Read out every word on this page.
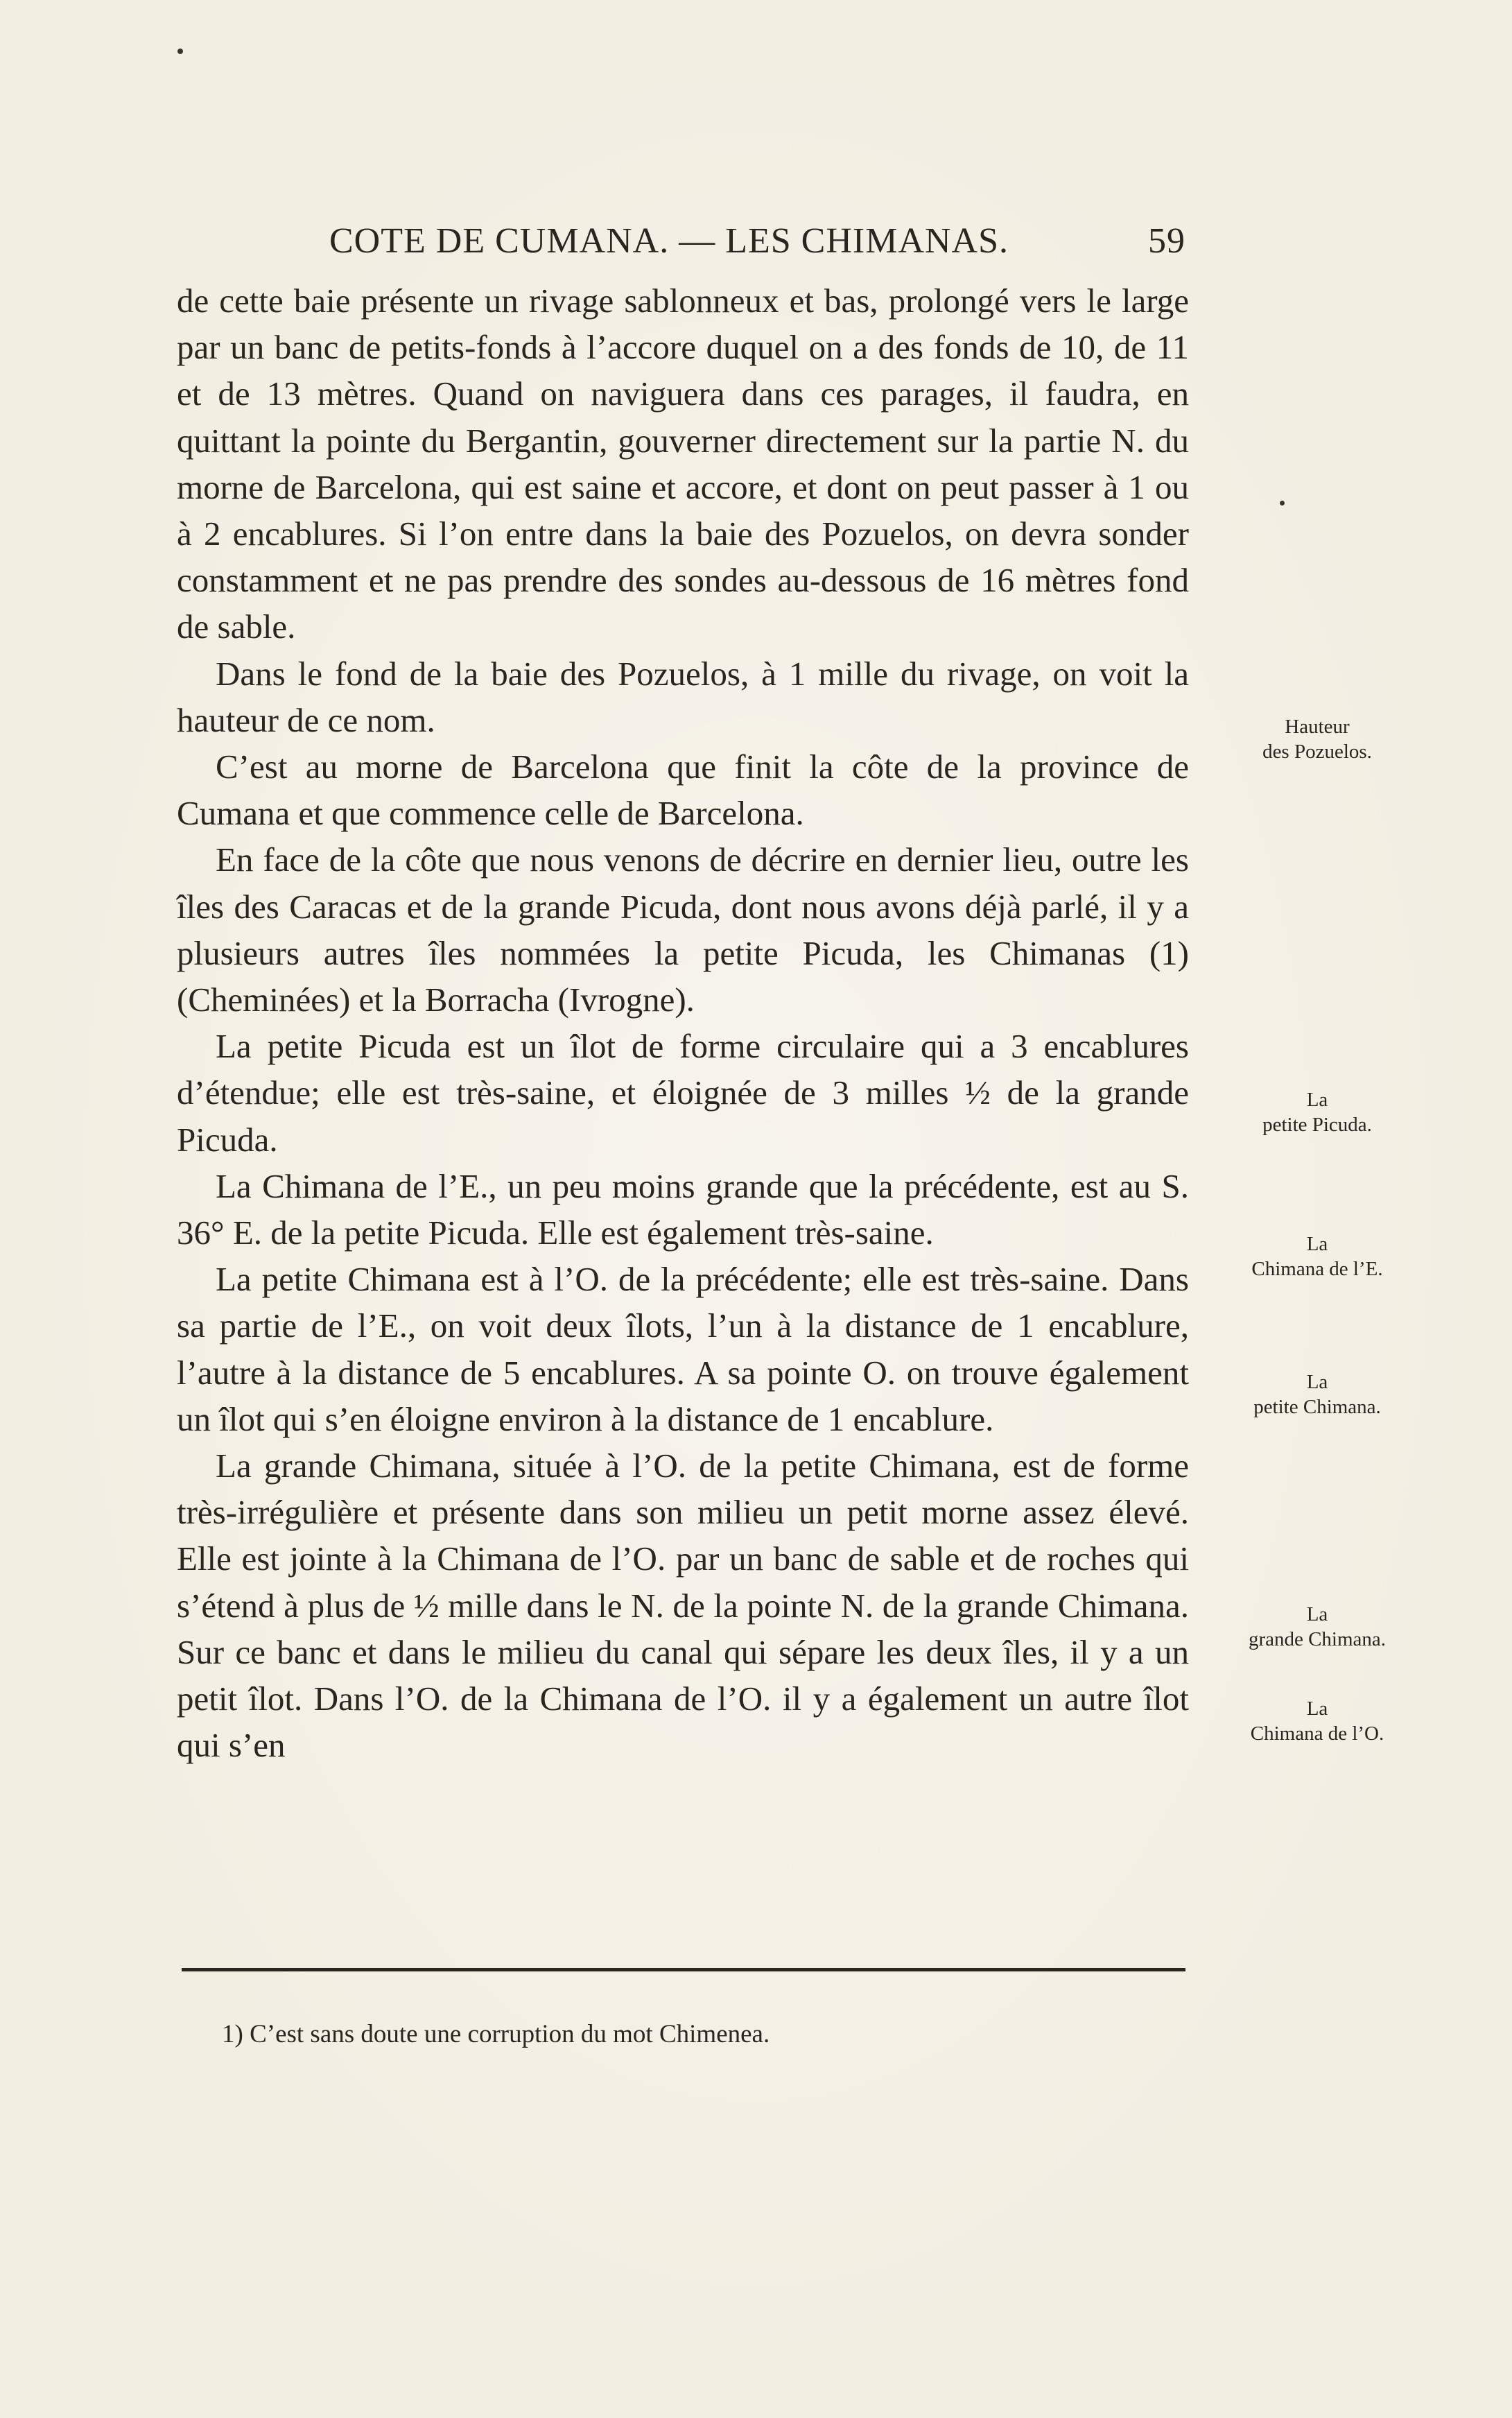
COTE DE CUMANA. — LES CHIMANAS.	59

de cette baie présente un rivage sablonneux et bas, prolongé vers le large par un banc de petits-fonds à l’accore duquel on a des fonds de 10, de 11 et de 13 mètres. Quand on naviguera dans ces parages, il faudra, en quittant la pointe du Bergantin, gouverner directement sur la partie N. du morne de Barcelona, qui est saine et accore, et dont on peut passer à 1 ou à 2 encablures. Si l’on entre dans la baie des Pozuelos, on devra sonder constamment et ne pas prendre des sondes au-dessous de 16 mètres fond de sable.

Dans le fond de la baie des Pozuelos, à 1 mille du rivage, on voit la hauteur de ce nom.

C’est au morne de Barcelona que finit la côte de la province de Cumana et que commence celle de Barcelona.

En face de la côte que nous venons de décrire en dernier lieu, outre les îles des Caracas et de la grande Picuda, dont nous avons déjà parlé, il y a plusieurs autres îles nommées la petite Picuda, les Chimanas (1) (Cheminées) et la Borracha (Ivrogne).

La petite Picuda est un îlot de forme circulaire qui a 3 encablures d’étendue; elle est très-saine, et éloignée de 3 milles ½ de la grande Picuda.

La Chimana de l’E., un peu moins grande que la précédente, est au S. 36° E. de la petite Picuda. Elle est également très-saine.

La petite Chimana est à l’O. de la précédente; elle est très-saine. Dans sa partie de l’E., on voit deux îlots, l’un à la distance de 1 encablure, l’autre à la distance de 5 encablures. A sa pointe O. on trouve également un îlot qui s’en éloigne environ à la distance de 1 encablure.

La grande Chimana, située à l’O. de la petite Chimana, est de forme très-irrégulière et présente dans son milieu un petit morne assez élevé. Elle est jointe à la Chimana de l’O. par un banc de sable et de roches qui s’étend à plus de ½ mille dans le N. de la pointe N. de la grande Chimana. Sur ce banc et dans le milieu du canal qui sépare les deux îles, il y a un petit îlot. Dans l’O. de la Chimana de l’O. il y a également un autre îlot qui s’en

Hauteur
des Pozuelos.
La
petite Picuda.
La
Chimana de l’E.
La
petite Chimana.
La
grande Chimana.
La
Chimana de l’O.
1) C’est sans doute une corruption du mot Chimenea.
